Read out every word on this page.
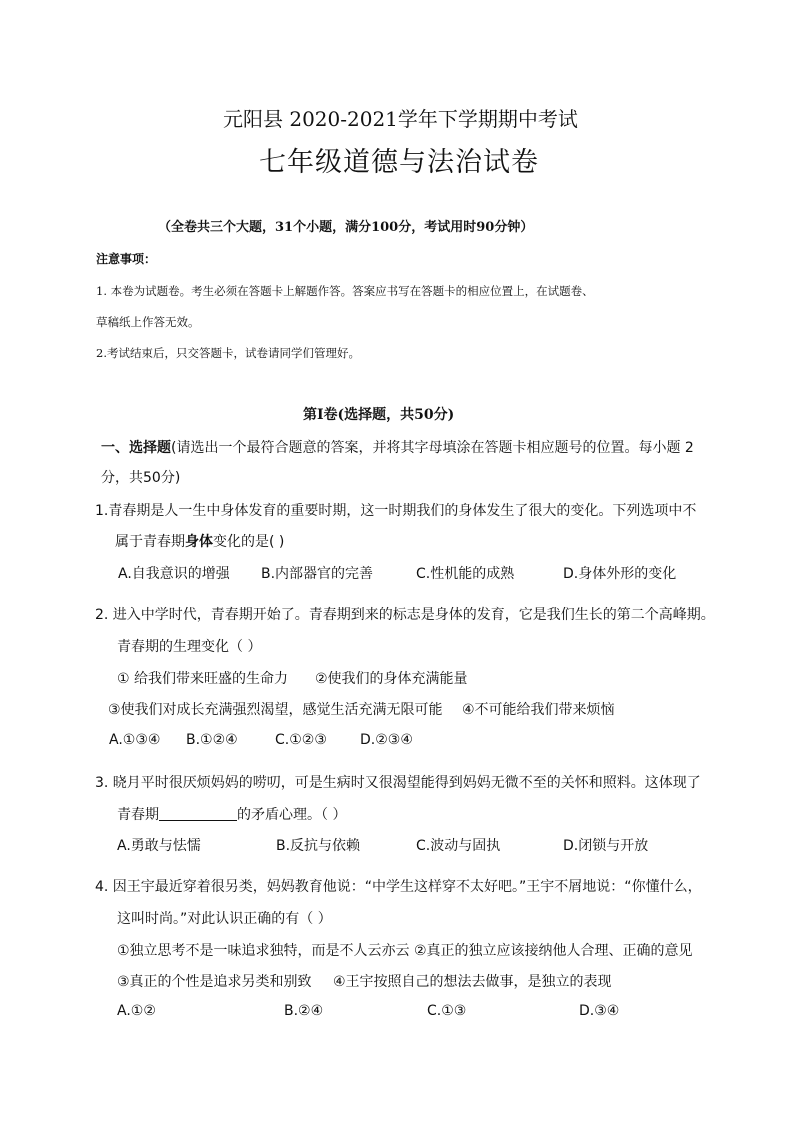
元阳县 2020-2021学年下学期期中考试
七年级道德与法治试卷
（全卷共三个大题，31个小题，满分100分，考试用时90分钟）
注意事项：
1. 本卷为试题卷。考生必须在答题卡上解题作答。答案应书写在答题卡的相应位置上，在试题卷、
草稿纸上作答无效。
2.考试结束后，只交答题卡，试卷请同学们管理好。
第Ⅰ卷(选择题，共50分)
一、选择题(请选出一个最符合题意的答案，并将其字母填涂在答题卡相应题号的位置。每小题 2
分，共50分)
1.青春期是人一生中身体发育的重要时期，这一时期我们的身体发生了很大的变化。下列选项中不
属于青春期身体变化的是( )
A.自我意识的增强 B.内部器官的完善	C.性机能的成熟	D.身体外形的变化
2. 进入中学时代，青春期开始了。青春期到来的标志是身体的发育，它是我们生长的第二个高峰期。
青春期的生理变化（ ）
① 给我们带来旺盛的生命力 ②使我们的身体充满能量
③使我们对成长充满强烈渴望，感觉生活充满无限可能 ④不可能给我们带来烦恼
A.①③④ B.①②④	C.①②③ D.②③④
3. 晓月平时很厌烦妈妈的唠叨，可是生病时又很渴望能得到妈妈无微不至的关怀和照料。这体现了
青春期	的矛盾心理。（ ）
A.勇敢与怯懦	B.反抗与依赖	C.波动与固执	D.闭锁与开放
4. 因王宇最近穿着很另类，妈妈教育他说：“中学生这样穿不太好吧。”王宇不屑地说：“你懂什么，
这叫时尚。”对此认识正确的有（ ）
①独立思考不是一味追求独特，而是不人云亦云 ②真正的独立应该接纳他人合理、正确的意见
③真正的个性是追求另类和别致 ④王宇按照自己的想法去做事，是独立的表现
A.①②	B.②④	C.①③	D.③④
